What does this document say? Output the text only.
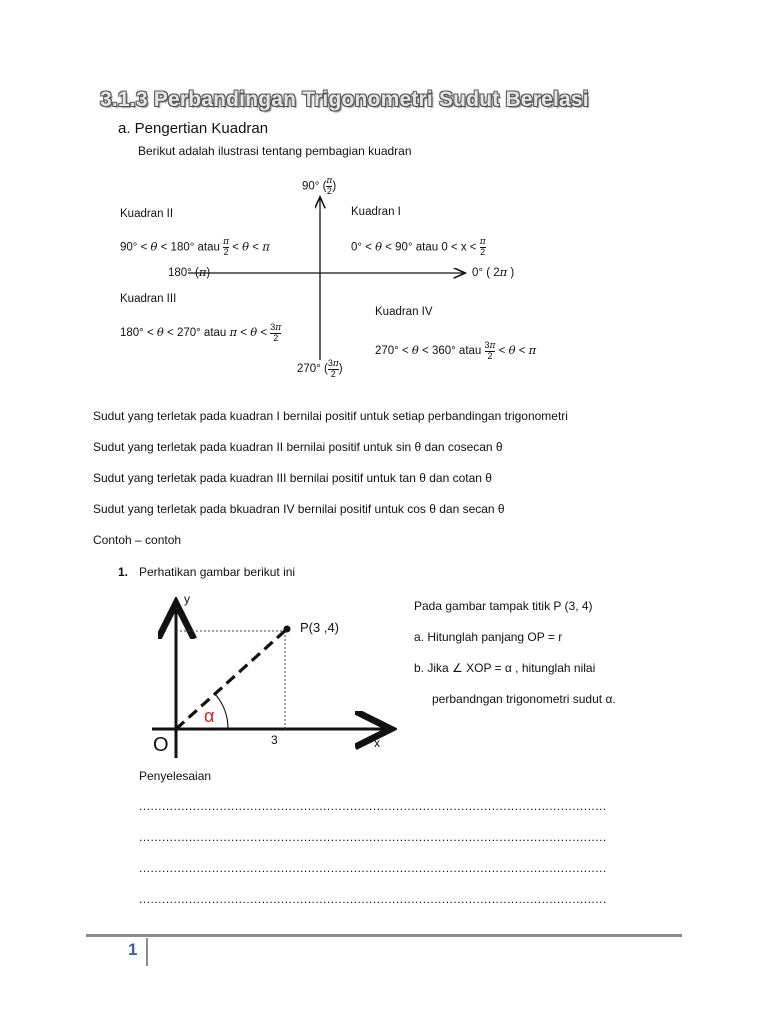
3.1.3 Perbandingan Trigonometri Sudut Berelasi
a. Pengertian Kuadran
Berikut adalah ilustrasi tentang pembagian kuadran
90° ( $\frac{\pi}{2}$ )
Kuadran II	Kuadran I
90° < θ < 180° atau $\frac{\pi}{2} < \theta < \pi$	0° < θ < 90° atau $0 < x < \frac{\pi}{2}$
180° (π)	0° ( 2π )
Kuadran III
Kuadran IV
180° < θ < 270° atau $\pi < \theta < \frac{3\pi}{2}$
270° < θ < 360° atau $\frac{3\pi}{2} < \theta < \pi$
270° ( $\frac{3\pi}{2}$ )
Sudut yang terletak pada kuadran I bernilai positif untuk setiap perbandingan trigonometri
Sudut yang terletak pada kuadran II bernilai positif untuk sin θ dan cosecan θ
Sudut yang terletak pada kuadran III bernilai positif untuk tan θ dan cotan θ
Sudut yang terletak pada bkuadran IV bernilai positif untuk cos θ dan secan θ
Contoh – contoh
1. Perhatikan gambar berikut ini
y
4	P(3 ,4)
α
O	3	x
Pada gambar tampak titik P (3, 4)
a. Hitunglah panjang OP = r
b. Jika ∠ XOP = α , hitunglah nilai
perbandngan trigonometri sudut α.
Penyelesaian
..........................................................................................................................
..........................................................................................................................
..........................................................................................................................
..........................................................................................................................
1
